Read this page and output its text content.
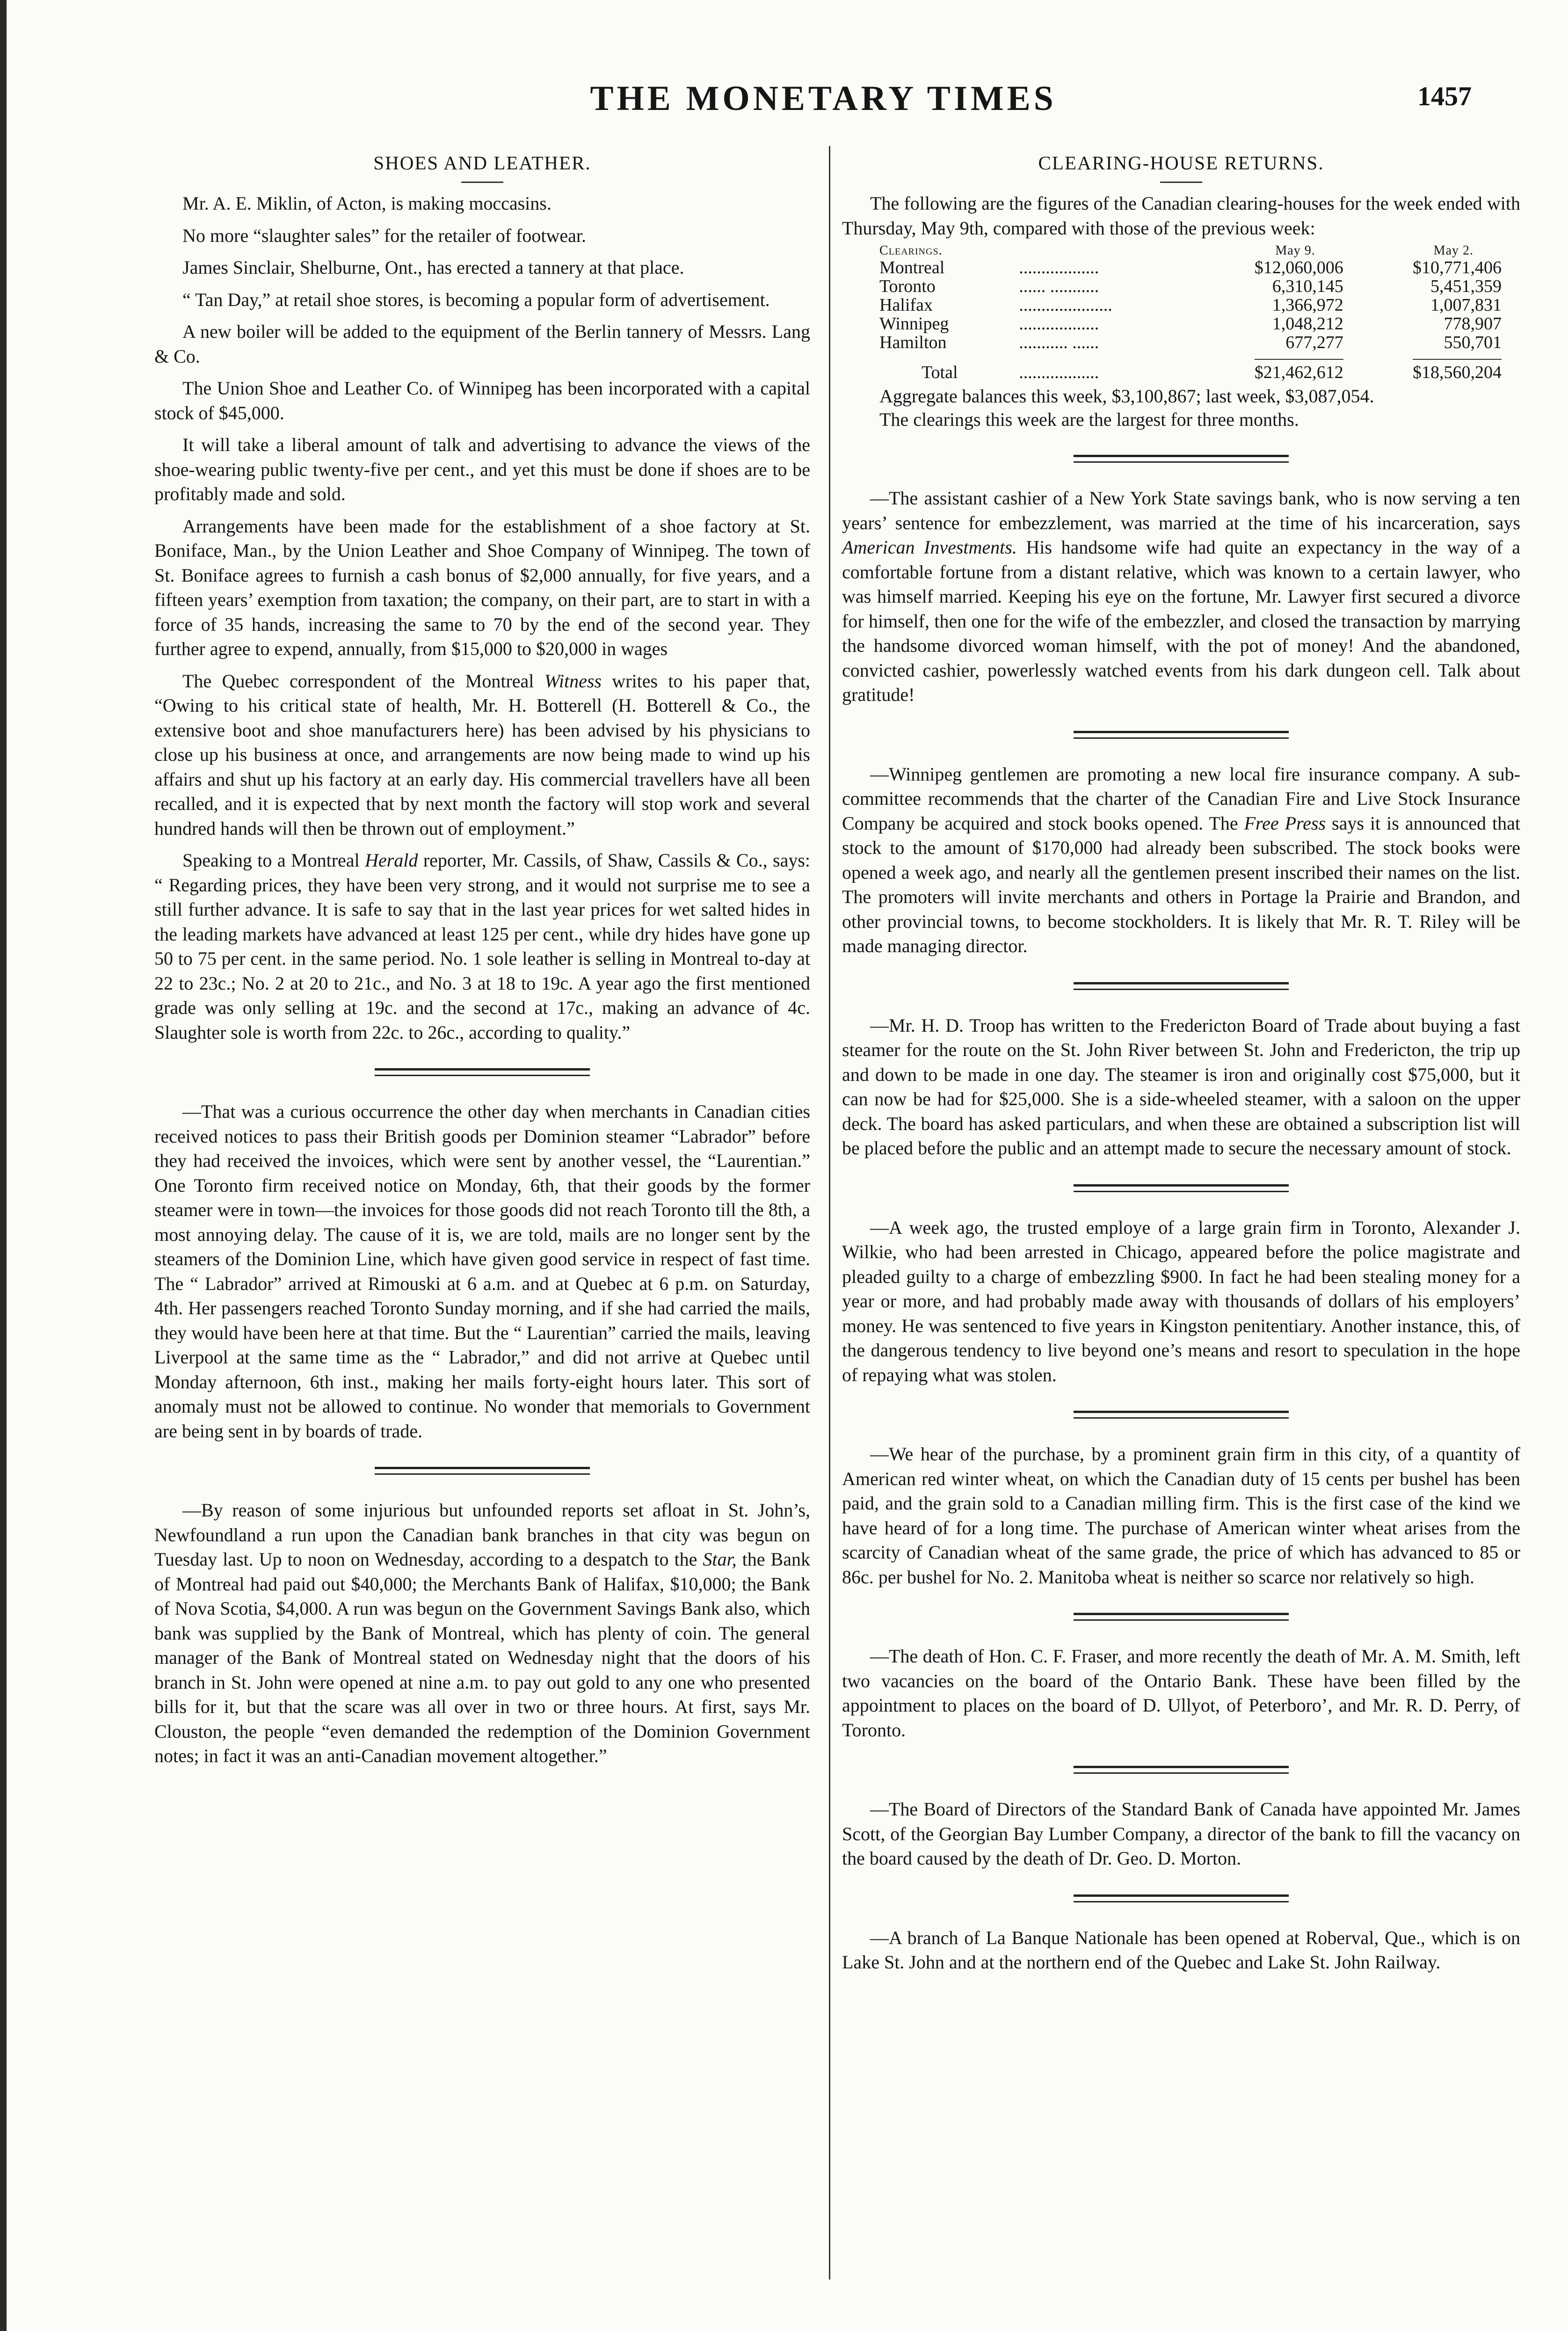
THE MONETARY TIMES	1457
SHOES AND LEATHER.

Mr. A. E. Miklin, of Acton, is making moccasins.

No more “slaughter sales” for the retailer of footwear.

James Sinclair, Shelburne, Ont., has erected a tannery at that place.

“ Tan Day,” at retail shoe stores, is becoming a popular form of advertisement.

A new boiler will be added to the equipment of the Berlin tannery of Messrs. Lang & Co.

The Union Shoe and Leather Co. of Winnipeg has been incorporated with a capital stock of $45,000.

It will take a liberal amount of talk and advertising to advance the views of the shoe-wearing public twenty-five per cent., and yet this must be done if shoes are to be profitably made and sold.

Arrangements have been made for the establishment of a shoe factory at St. Boniface, Man., by the Union Leather and Shoe Company of Winnipeg. The town of St. Boniface agrees to furnish a cash bonus of $2,000 annually, for five years, and a fifteen years’ exemption from taxation; the company, on their part, are to start in with a force of 35 hands, increasing the same to 70 by the end of the second year. They further agree to expend, annually, from $15,000 to $20,000 in wages

The Quebec correspondent of the Montreal Witness writes to his paper that, “Owing to his critical state of health, Mr. H. Botterell (H. Botterell & Co., the extensive boot and shoe manufacturers here) has been advised by his physicians to close up his business at once, and arrangements are now being made to wind up his affairs and shut up his factory at an early day. His commercial travellers have all been recalled, and it is expected that by next month the factory will stop work and several hundred hands will then be thrown out of employment.”

Speaking to a Montreal Herald reporter, Mr. Cassils, of Shaw, Cassils & Co., says: “ Regarding prices, they have been very strong, and it would not surprise me to see a still further advance. It is safe to say that in the last year prices for wet salted hides in the leading markets have advanced at least 125 per cent., while dry hides have gone up 50 to 75 per cent. in the same period. No. 1 sole leather is selling in Montreal to-day at 22 to 23c.; No. 2 at 20 to 21c., and No. 3 at 18 to 19c. A year ago the first mentioned grade was only selling at 19c. and the second at 17c., making an advance of 4c. Slaughter sole is worth from 22c. to 26c., according to quality.”

—That was a curious occurrence the other day when merchants in Canadian cities received notices to pass their British goods per Dominion steamer “Labrador” before they had received the invoices, which were sent by another vessel, the “Laurentian.” One Toronto firm received notice on Monday, 6th, that their goods by the former steamer were in town—the invoices for those goods did not reach Toronto till the 8th, a most annoying delay. The cause of it is, we are told, mails are no longer sent by the steamers of the Dominion Line, which have given good service in respect of fast time. The “ Labrador” arrived at Rimouski at 6 a.m. and at Quebec at 6 p.m. on Saturday, 4th. Her passengers reached Toronto Sunday morning, and if she had carried the mails, they would have been here at that time. But the “ Laurentian” carried the mails, leaving Liverpool at the same time as the “ Labrador,” and did not arrive at Quebec until Monday afternoon, 6th inst., making her mails forty-eight hours later. This sort of anomaly must not be allowed to continue. No wonder that memorials to Government are being sent in by boards of trade.

—By reason of some injurious but unfounded reports set afloat in St. John’s, Newfoundland a run upon the Canadian bank branches in that city was begun on Tuesday last. Up to noon on Wednesday, according to a despatch to the Star, the Bank of Montreal had paid out $40,000; the Merchants Bank of Halifax, $10,000; the Bank of Nova Scotia, $4,000. A run was begun on the Government Savings Bank also, which bank was supplied by the Bank of Montreal, which has plenty of coin. The general manager of the Bank of Montreal stated on Wednesday night that the doors of his branch in St. John were opened at nine a.m. to pay out gold to any one who presented bills for it, but that the scare was all over in two or three hours. At first, says Mr. Clouston, the people “even demanded the redemption of the Dominion Government notes; in fact it was an anti-Canadian movement altogether.”

CLEARING-HOUSE RETURNS.

The following are the figures of the Canadian clearing-houses for the week ended with Thursday, May 9th, compared with those of the previous week:

Clearings.		May 9.	May 2.
Montreal	..................	$12,060,006	$10,771,406
Toronto	...... ...........	6,310,145	5,451,359
Halifax	.....................	1,366,972	1,007,831
Winnipeg	..................	1,048,212	778,907
Hamilton	........... ......	677,277	550,701
Total	..................	$21,462,612	$18,560,204
Aggregate balances this week, $3,100,867; last week, $3,087,054.
The clearings this week are the largest for three months.

—The assistant cashier of a New York State savings bank, who is now serving a ten years’ sentence for embezzlement, was married at the time of his incarceration, says American Investments. His handsome wife had quite an expectancy in the way of a comfortable fortune from a distant relative, which was known to a certain lawyer, who was himself married. Keeping his eye on the fortune, Mr. Lawyer first secured a divorce for himself, then one for the wife of the embezzler, and closed the transaction by marrying the handsome divorced woman himself, with the pot of money! And the abandoned, convicted cashier, powerlessly watched events from his dark dungeon cell. Talk about gratitude!

—Winnipeg gentlemen are promoting a new local fire insurance company. A sub-committee recommends that the charter of the Canadian Fire and Live Stock Insurance Company be acquired and stock books opened. The Free Press says it is announced that stock to the amount of $170,000 had already been subscribed. The stock books were opened a week ago, and nearly all the gentlemen present inscribed their names on the list. The promoters will invite merchants and others in Portage la Prairie and Brandon, and other provincial towns, to become stockholders. It is likely that Mr. R. T. Riley will be made managing director.

—Mr. H. D. Troop has written to the Fredericton Board of Trade about buying a fast steamer for the route on the St. John River between St. John and Fredericton, the trip up and down to be made in one day. The steamer is iron and originally cost $75,000, but it can now be had for $25,000. She is a side-wheeled steamer, with a saloon on the upper deck. The board has asked particulars, and when these are obtained a subscription list will be placed before the public and an attempt made to secure the necessary amount of stock.

—A week ago, the trusted employe of a large grain firm in Toronto, Alexander J. Wilkie, who had been arrested in Chicago, appeared before the police magistrate and pleaded guilty to a charge of embezzling $900. In fact he had been stealing money for a year or more, and had probably made away with thousands of dollars of his employers’ money. He was sentenced to five years in Kingston penitentiary. Another instance, this, of the dangerous tendency to live beyond one’s means and resort to speculation in the hope of repaying what was stolen.

—We hear of the purchase, by a prominent grain firm in this city, of a quantity of American red winter wheat, on which the Canadian duty of 15 cents per bushel has been paid, and the grain sold to a Canadian milling firm. This is the first case of the kind we have heard of for a long time. The purchase of American winter wheat arises from the scarcity of Canadian wheat of the same grade, the price of which has advanced to 85 or 86c. per bushel for No. 2. Manitoba wheat is neither so scarce nor relatively so high.

—The death of Hon. C. F. Fraser, and more recently the death of Mr. A. M. Smith, left two vacancies on the board of the Ontario Bank. These have been filled by the appointment to places on the board of D. Ullyot, of Peterboro’, and Mr. R. D. Perry, of Toronto.

—The Board of Directors of the Standard Bank of Canada have appointed Mr. James Scott, of the Georgian Bay Lumber Company, a director of the bank to fill the vacancy on the board caused by the death of Dr. Geo. D. Morton.

—A branch of La Banque Nationale has been opened at Roberval, Que., which is on Lake St. John and at the northern end of the Quebec and Lake St. John Railway.
